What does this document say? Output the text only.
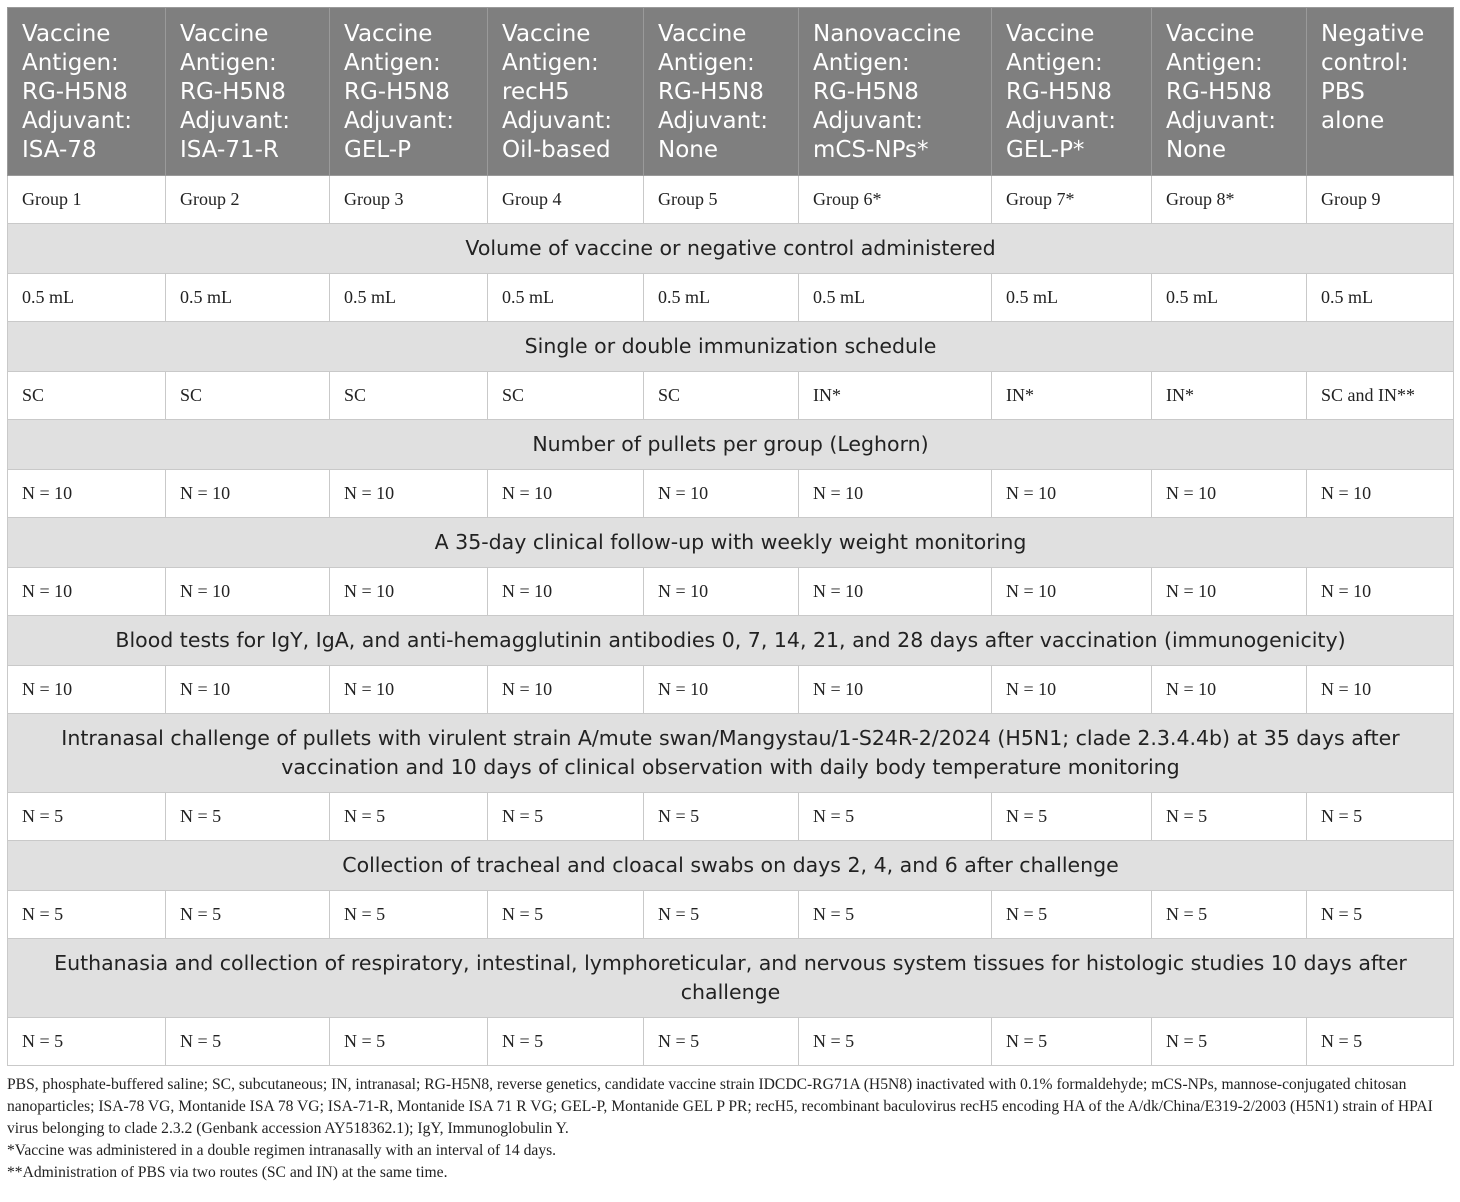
Vaccine
Antigen:
RG-H5N8
Adjuvant:
ISA-78	Vaccine
Antigen:
RG-H5N8
Adjuvant:
ISA-71-R	Vaccine
Antigen:
RG-H5N8
Adjuvant:
GEL-P	Vaccine
Antigen:
recH5
Adjuvant:
Oil-based	Vaccine
Antigen:
RG-H5N8
Adjuvant:
None	Nanovaccine
Antigen:
RG-H5N8
Adjuvant:
mCS-NPs*	Vaccine
Antigen:
RG-H5N8
Adjuvant:
GEL-P*	Vaccine
Antigen:
RG-H5N8
Adjuvant:
None	Negative
control:
PBS
alone
Group 1	Group 2	Group 3	Group 4	Group 5	Group 6*	Group 7*	Group 8*	Group 9
Volume of vaccine or negative control administered								
0.5 mL	0.5 mL	0.5 mL	0.5 mL	0.5 mL	0.5 mL	0.5 mL	0.5 mL	0.5 mL
Single or double immunization schedule								
SC	SC	SC	SC	SC	IN*	IN*	IN*	SC and IN**
Number of pullets per group (Leghorn)								
N = 10	N = 10	N = 10	N = 10	N = 10	N = 10	N = 10	N = 10	N = 10
A 35-day clinical follow-up with weekly weight monitoring								
N = 10	N = 10	N = 10	N = 10	N = 10	N = 10	N = 10	N = 10	N = 10
Blood tests for IgY, IgA, and anti-hemagglutinin antibodies 0, 7, 14, 21, and 28 days after vaccination (immunogenicity)								
N = 10	N = 10	N = 10	N = 10	N = 10	N = 10	N = 10	N = 10	N = 10
Intranasal challenge of pullets with virulent strain A/mute swan/Mangystau/1-S24R-2/2024 (H5N1; clade 2.3.4.4b) at 35 days after vaccination and 10 days of clinical observation with daily body temperature monitoring								
N = 5	N = 5	N = 5	N = 5	N = 5	N = 5	N = 5	N = 5	N = 5
Collection of tracheal and cloacal swabs on days 2, 4, and 6 after challenge								
N = 5	N = 5	N = 5	N = 5	N = 5	N = 5	N = 5	N = 5	N = 5
Euthanasia and collection of respiratory, intestinal, lymphoreticular, and nervous system tissues for histologic studies 10 days after challenge								
N = 5	N = 5	N = 5	N = 5	N = 5	N = 5	N = 5	N = 5	N = 5

PBS, phosphate-buffered saline; SC, subcutaneous; IN, intranasal; RG-H5N8, reverse genetics, candidate vaccine strain IDCDC-RG71A (H5N8) inactivated with 0.1% formaldehyde; mCS-NPs, mannose-conjugated chitosan nanoparticles; ISA-78 VG, Montanide ISA 78 VG; ISA-71-R, Montanide ISA 71 R VG; GEL-P, Montanide GEL P PR; recH5, recombinant baculovirus recH5 encoding HA of the A/dk/China/E319-2/2003 (H5N1) strain of HPAI virus belonging to clade 2.3.2 (Genbank accession AY518362.1); IgY, Immunoglobulin Y.

*Vaccine was administered in a double regimen intranasally with an interval of 14 days.

**Administration of PBS via two routes (SC and IN) at the same time.
